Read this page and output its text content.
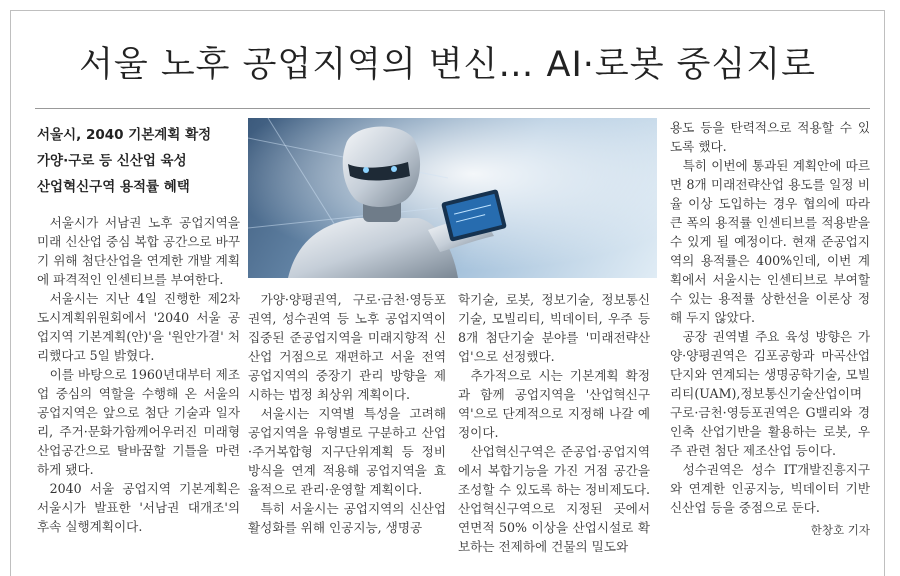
서울 노후 공업지역의 변신… AI·로봇 중심지로
서울시, 2040 기본계획 확정
가양·구로 등 신산업 육성
산업혁신구역 용적률 혜택

서울시가 서남권 노후 공업지역을 미래 신산업 중심 복합 공간으로 바꾸기 위해 첨단산업을 연계한 개발 계획에 파격적인 인센티브를 부여한다.

서울시는 지난 4일 진행한 제2차 도시계획위원회에서 '2040 서울 공업지역 기본계획(안)'을 '원안가결' 처리했다고 5일 밝혔다.

이를 바탕으로 1960년대부터 제조업 중심의 역할을 수행해 온 서울의 공업지역은 앞으로 첨단 기술과 일자리, 주거·문화가함께어우러진 미래형 산업공간으로 탈바꿈할 기틀을 마련하게 됐다.

2040 서울 공업지역 기본계획은 서울시가 발표한 '서남권 대개조'의 후속 실행계획이다.

가양·양평권역, 구로·금천·영등포권역, 성수권역 등 노후 공업지역이 집중된 준공업지역을 미래지향적 신산업 거점으로 재편하고 서울 전역 공업지역의 중장기 관리 방향을 제시하는 법정 최상위 계획이다.

서울시는 지역별 특성을 고려해 공업지역을 유형별로 구분하고 산업·주거복합형 지구단위계획 등 정비방식을 연계 적용해 공업지역을 효율적으로 관리·운영할 계획이다.

특히 서울시는 공업지역의 신산업 활성화를 위해 인공지능, 생명공

학기술, 로봇, 정보기술, 정보통신기술, 모빌리티, 빅데이터, 우주 등 8개 첨단기술 분야를 '미래전략산업'으로 선정했다.

추가적으로 시는 기본계획 확정과 함께 공업지역을 '산업혁신구역'으로 단계적으로 지정해 나갈 예정이다.

산업혁신구역은 준공업·공업지역에서 복합기능을 가진 거점 공간을 조성할 수 있도록 하는 정비제도다. 산업혁신구역으로 지정된 곳에서 연면적 50% 이상을 산업시설로 확보하는 전제하에 건물의 밀도와

용도 등을 탄력적으로 적용할 수 있도록 했다.

특히 이번에 통과된 계획안에 따르면 8개 미래전략산업 용도를 일정 비율 이상 도입하는 경우 협의에 따라 큰 폭의 용적률 인센티브를 적용받을 수 있게 될 예정이다. 현재 준공업지역의 용적률은 400%인데, 이번 계획에서 서울시는 인센티브로 부여할 수 있는 용적률 상한선을 이론상 정해 두지 않았다.

공장 권역별 주요 육성 방향은 가양·양평권역은 김포공항과 마곡산업단지와 연계되는 생명공학기술, 모빌리티(UAM),정보통신기술산업이며 구로·금천·영등포권역은 G밸리와 경인축 산업기반을 활용하는 로봇, 우주 관련 첨단 제조산업 등이다.

성수권역은 성수 IT개발진흥지구와 연계한 인공지능, 빅데이터 기반 신산업 등을 중점으로 둔다.

한창호 기자
